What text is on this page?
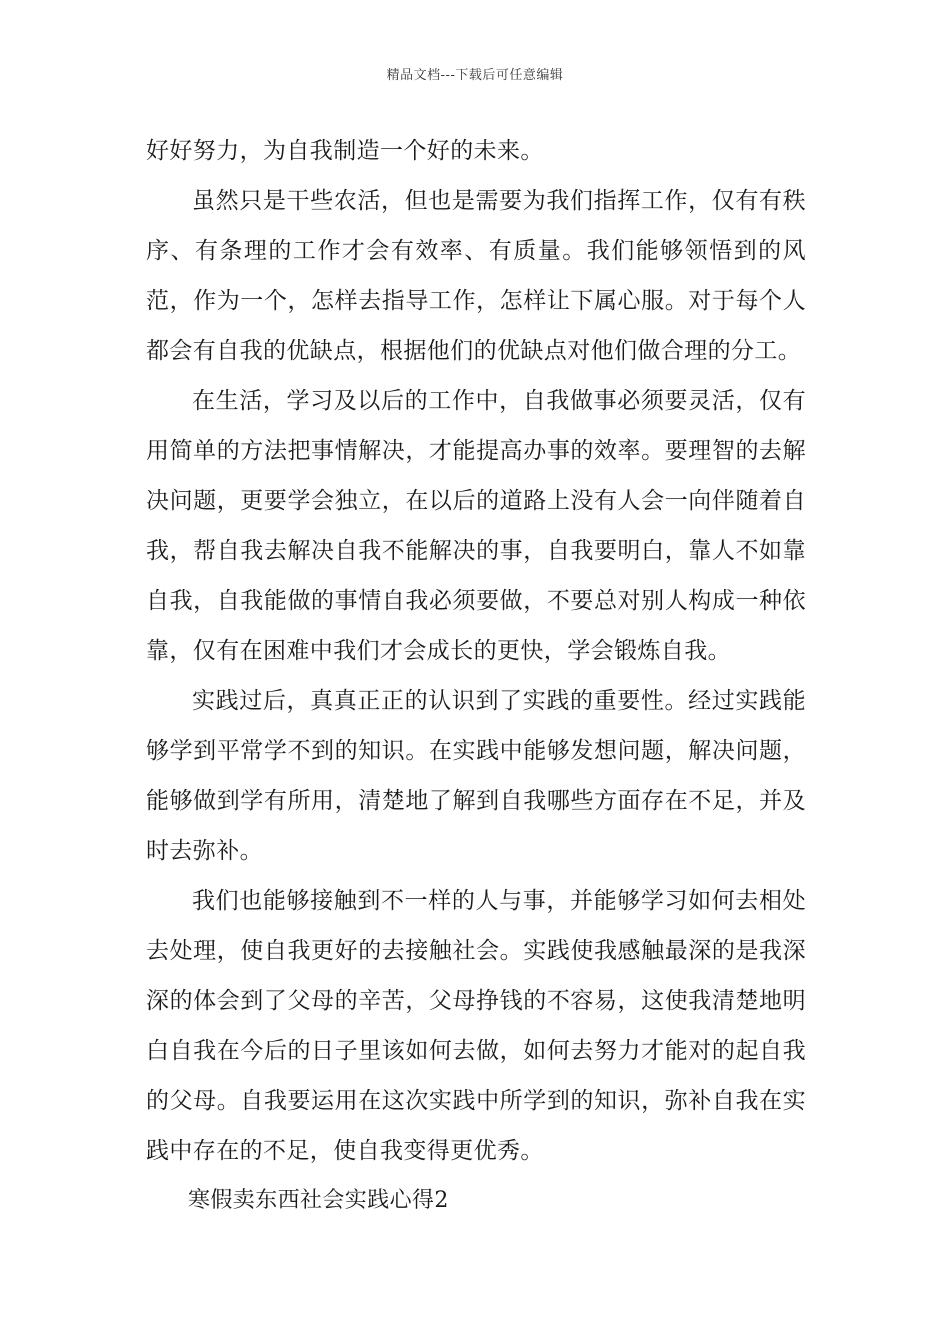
精品文档---下载后可任意编辑

好好努力，为自我制造一个好的未来。

虽然只是干些农活，但也是需要为我们指挥工作，仅有有秩序、有条理的工作才会有效率、有质量。我们能够领悟到的风范，作为一个，怎样去指导工作，怎样让下属心服。对于每个人都会有自我的优缺点，根据他们的优缺点对他们做合理的分工。

在生活，学习及以后的工作中，自我做事必须要灵活，仅有用简单的方法把事情解决，才能提高办事的效率。要理智的去解决问题，更要学会独立，在以后的道路上没有人会一向伴随着自我，帮自我去解决自我不能解决的事，自我要明白，靠人不如靠自我，自我能做的事情自我必须要做，不要总对别人构成一种依靠，仅有在困难中我们才会成长的更快，学会锻炼自我。

实践过后，真真正正的认识到了实践的重要性。经过实践能够学到平常学不到的知识。在实践中能够发想问题，解决问题，能够做到学有所用，清楚地了解到自我哪些方面存在不足，并及时去弥补。

我们也能够接触到不一样的人与事，并能够学习如何去相处去处理，使自我更好的去接触社会。实践使我感触最深的是我深深的体会到了父母的辛苦，父母挣钱的不容易，这使我清楚地明白自我在今后的日子里该如何去做，如何去努力才能对的起自我的父母。自我要运用在这次实践中所学到的知识，弥补自我在实践中存在的不足，使自我变得更优秀。

寒假卖东西社会实践心得2
